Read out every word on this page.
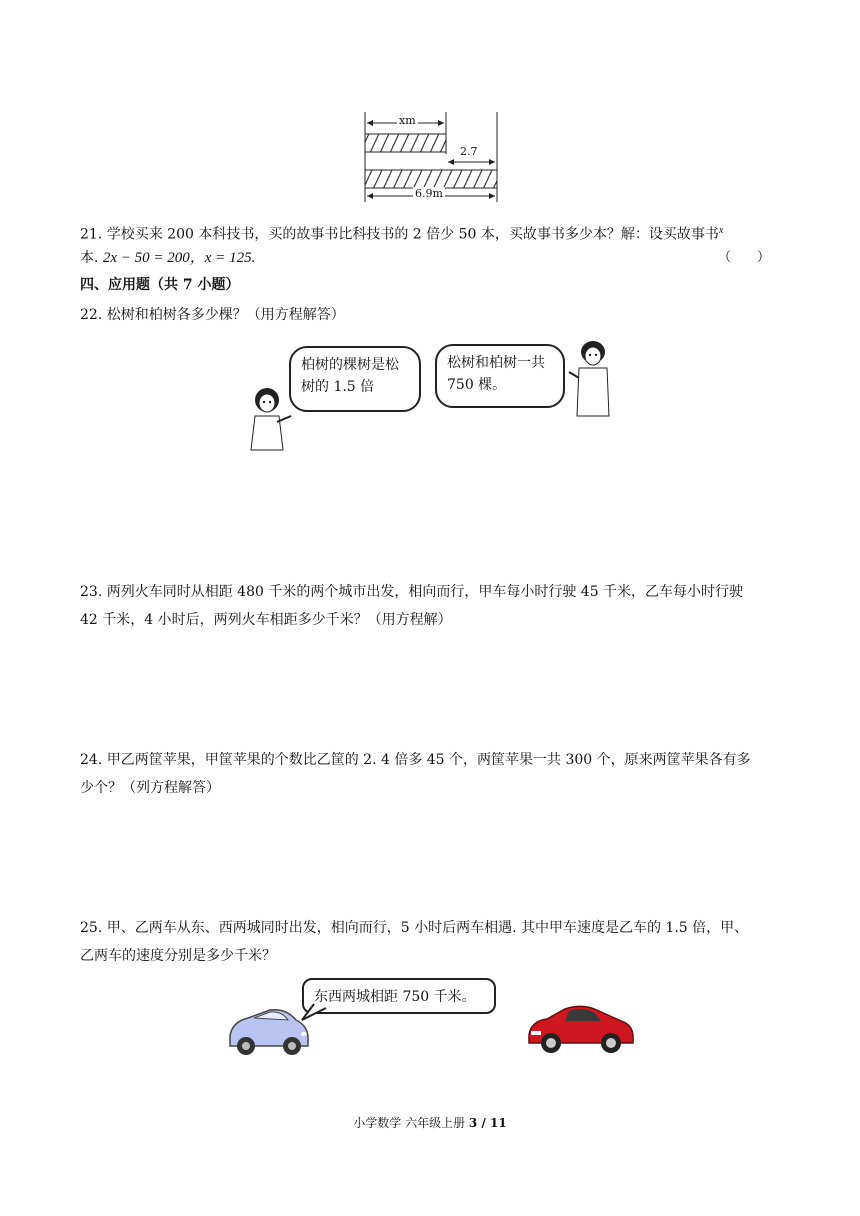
xm
2.7
6.9m
21. 学校买来 200 本科技书，买的故事书比科技书的 2 倍少 50 本，买故事书多少本？解：设买故事书$^x$
本. 2x − 50 = 200，x = 125.	（　　）
四、应用题（共 7 小题）
22. 松树和柏树各多少棵？（用方程解答）
柏树的棵树是松
树的 1.5 倍
松树和柏树一共
750 棵。
23. 两列火车同时从相距 480 千米的两个城市出发，相向而行，甲车每小时行驶 45 千米，乙车每小时行驶
42 千米，4 小时后，两列火车相距多少千米？（用方程解）
24. 甲乙两筐苹果，甲筐苹果的个数比乙筐的 2. 4 倍多 45 个，两筐苹果一共 300 个，原来两筐苹果各有多
少个？（列方程解答）
25. 甲、乙两车从东、西两城同时出发，相向而行，5 小时后两车相遇. 其中甲车速度是乙车的 1.5 倍，甲、
乙两车的速度分别是多少千米？
东西两城相距 750 千米。
小学数学 六年级上册 3 / 11
